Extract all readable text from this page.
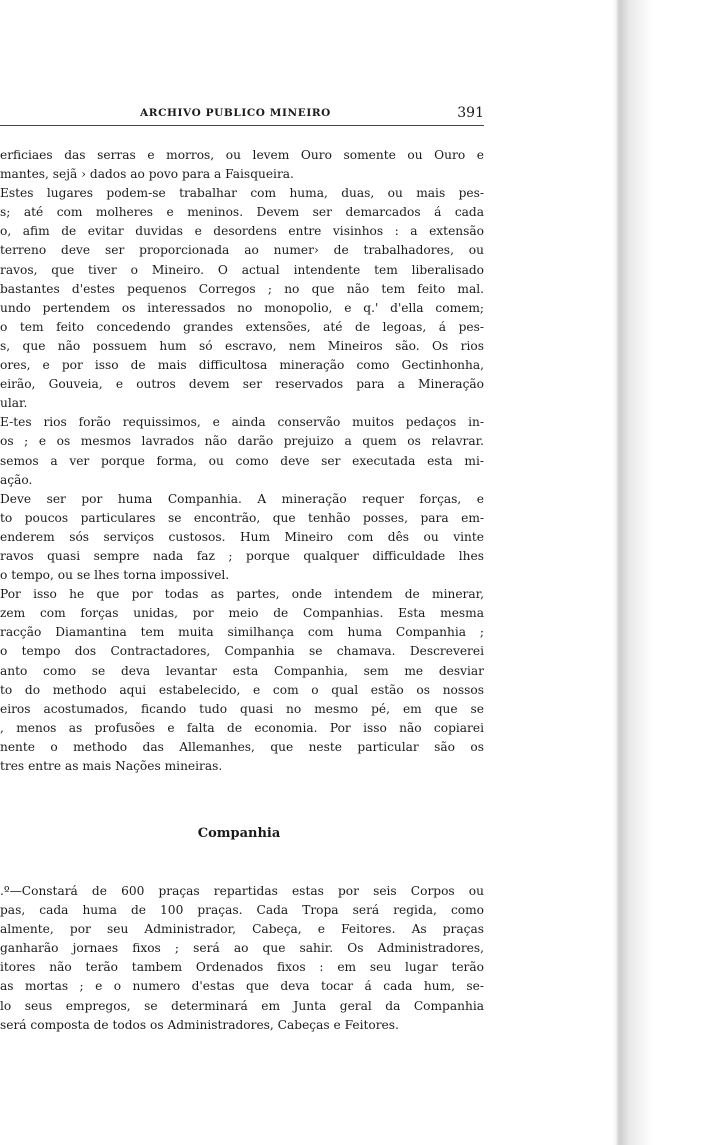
ARCHIVO PUBLICO MINEIRO	391
erficiaes das serras e morros, ou levem Ouro somente ou Ouro e
mantes, sejã › dados ao povo para a Faisqueira.
Estes lugares podem-se trabalhar com huma, duas, ou mais pes-
s; até com molheres e meninos. Devem ser demarcados á cada
o, afim de evitar duvidas e desordens entre visinhos : a extensão
terreno deve ser proporcionada ao numer› de trabalhadores, ou
ravos, que tiver o Mineiro. O actual intendente tem liberalisado
bastantes d'estes pequenos Corregos ; no que não tem feito mal.
undo pertendem os interessados no monopolio, e q.' d'ella comem;
o tem feito concedendo grandes extensões, até de legoas, á pes-
s, que não possuem hum só escravo, nem Mineiros são. Os rios
ores, e por isso de mais difficultosa mineração como Gectinhonha,
eirão, Gouveia, e outros devem ser reservados para a Mineração
ular.
E-tes rios forão requissimos, e ainda conservão muitos pedaços in-
os ; e os mesmos lavrados não darão prejuizo a quem os relavrar.
semos a ver porque forma, ou como deve ser executada esta mi-
ação.
Deve ser por huma Companhia. A mineração requer forças, e
to poucos particulares se encontrão, que tenhão posses, para em-
enderem sós serviços custosos. Hum Mineiro com dês ou vinte
ravos quasi sempre nada faz ; porque qualquer difficuldade lhes
o tempo, ou se lhes torna impossivel.
Por isso he que por todas as partes, onde intendem de minerar,
zem com forças unidas, por meio de Companhias. Esta mesma
racção Diamantina tem muita similhança com huma Companhia ;
o tempo dos Contractadores, Companhia se chamava. Descreverei
anto como se deva levantar esta Companhia, sem me desviar
to do methodo aqui estabelecido, e com o qual estão os nossos
eiros acostumados, ficando tudo quasi no mesmo pé, em que se
, menos as profusões e falta de economia. Por isso não copiarei
nente o methodo das Allemanhes, que neste particular são os
tres entre as mais Nações mineiras.
Companhia
.º—Constará de 600 praças repartidas estas por seis Corpos ou
pas, cada huma de 100 praças. Cada Tropa será regida, como
almente, por seu Administrador, Cabeça, e Feitores. As praças
ganharão jornaes fixos ; será ao que sahir. Os Administradores,
itores não terão tambem Ordenados fixos : em seu lugar terão
as mortas ; e o numero d'estas que deva tocar á cada hum, se-
lo seus empregos, se determinará em Junta geral da Companhia
será composta de todos os Administradores, Cabeças e Feitores.
